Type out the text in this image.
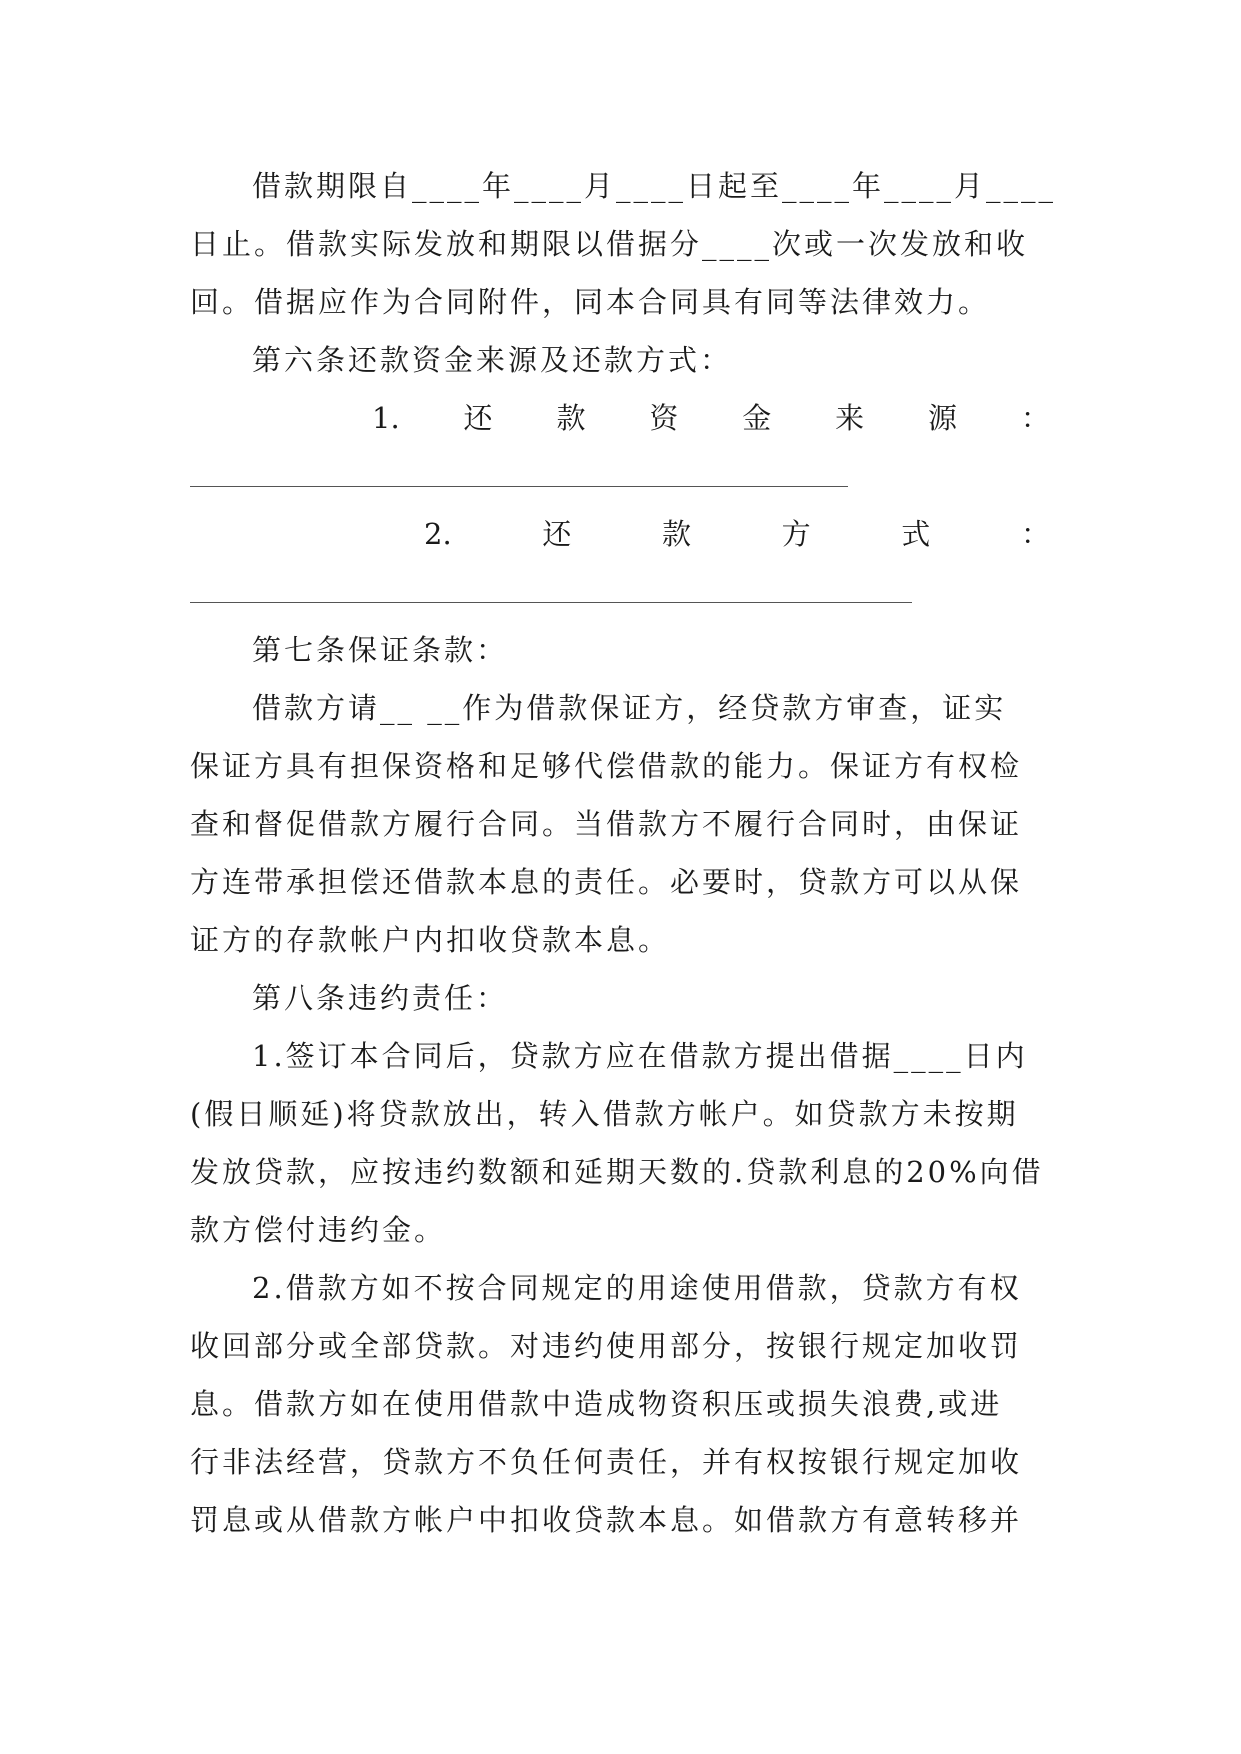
借款期限自____年____月____日起至____年____月____
日止。借款实际发放和期限以借据分____次或一次发放和收
回。借据应作为合同附件，同本合同具有同等法律效力。
第六条还款资金来源及还款方式：
1. 还 款 资 金 来 源 ：
2.	还	款	方	式	：
第七条保证条款：
借款方请__ __作为借款保证方，经贷款方审查，证实
保证方具有担保资格和足够代偿借款的能力。保证方有权检
查和督促借款方履行合同。当借款方不履行合同时，由保证
方连带承担偿还借款本息的责任。必要时，贷款方可以从保
证方的存款帐户内扣收贷款本息。
第八条违约责任：
1.签订本合同后，贷款方应在借款方提出借据____日内
(假日顺延)将贷款放出，转入借款方帐户。如贷款方未按期
发放贷款，应按违约数额和延期天数的.贷款利息的20%向借
款方偿付违约金。
2.借款方如不按合同规定的用途使用借款，贷款方有权
收回部分或全部贷款。对违约使用部分，按银行规定加收罚
息。借款方如在使用借款中造成物资积压或损失浪费,或进
行非法经营，贷款方不负任何责任，并有权按银行规定加收
罚息或从借款方帐户中扣收贷款本息。如借款方有意转移并
